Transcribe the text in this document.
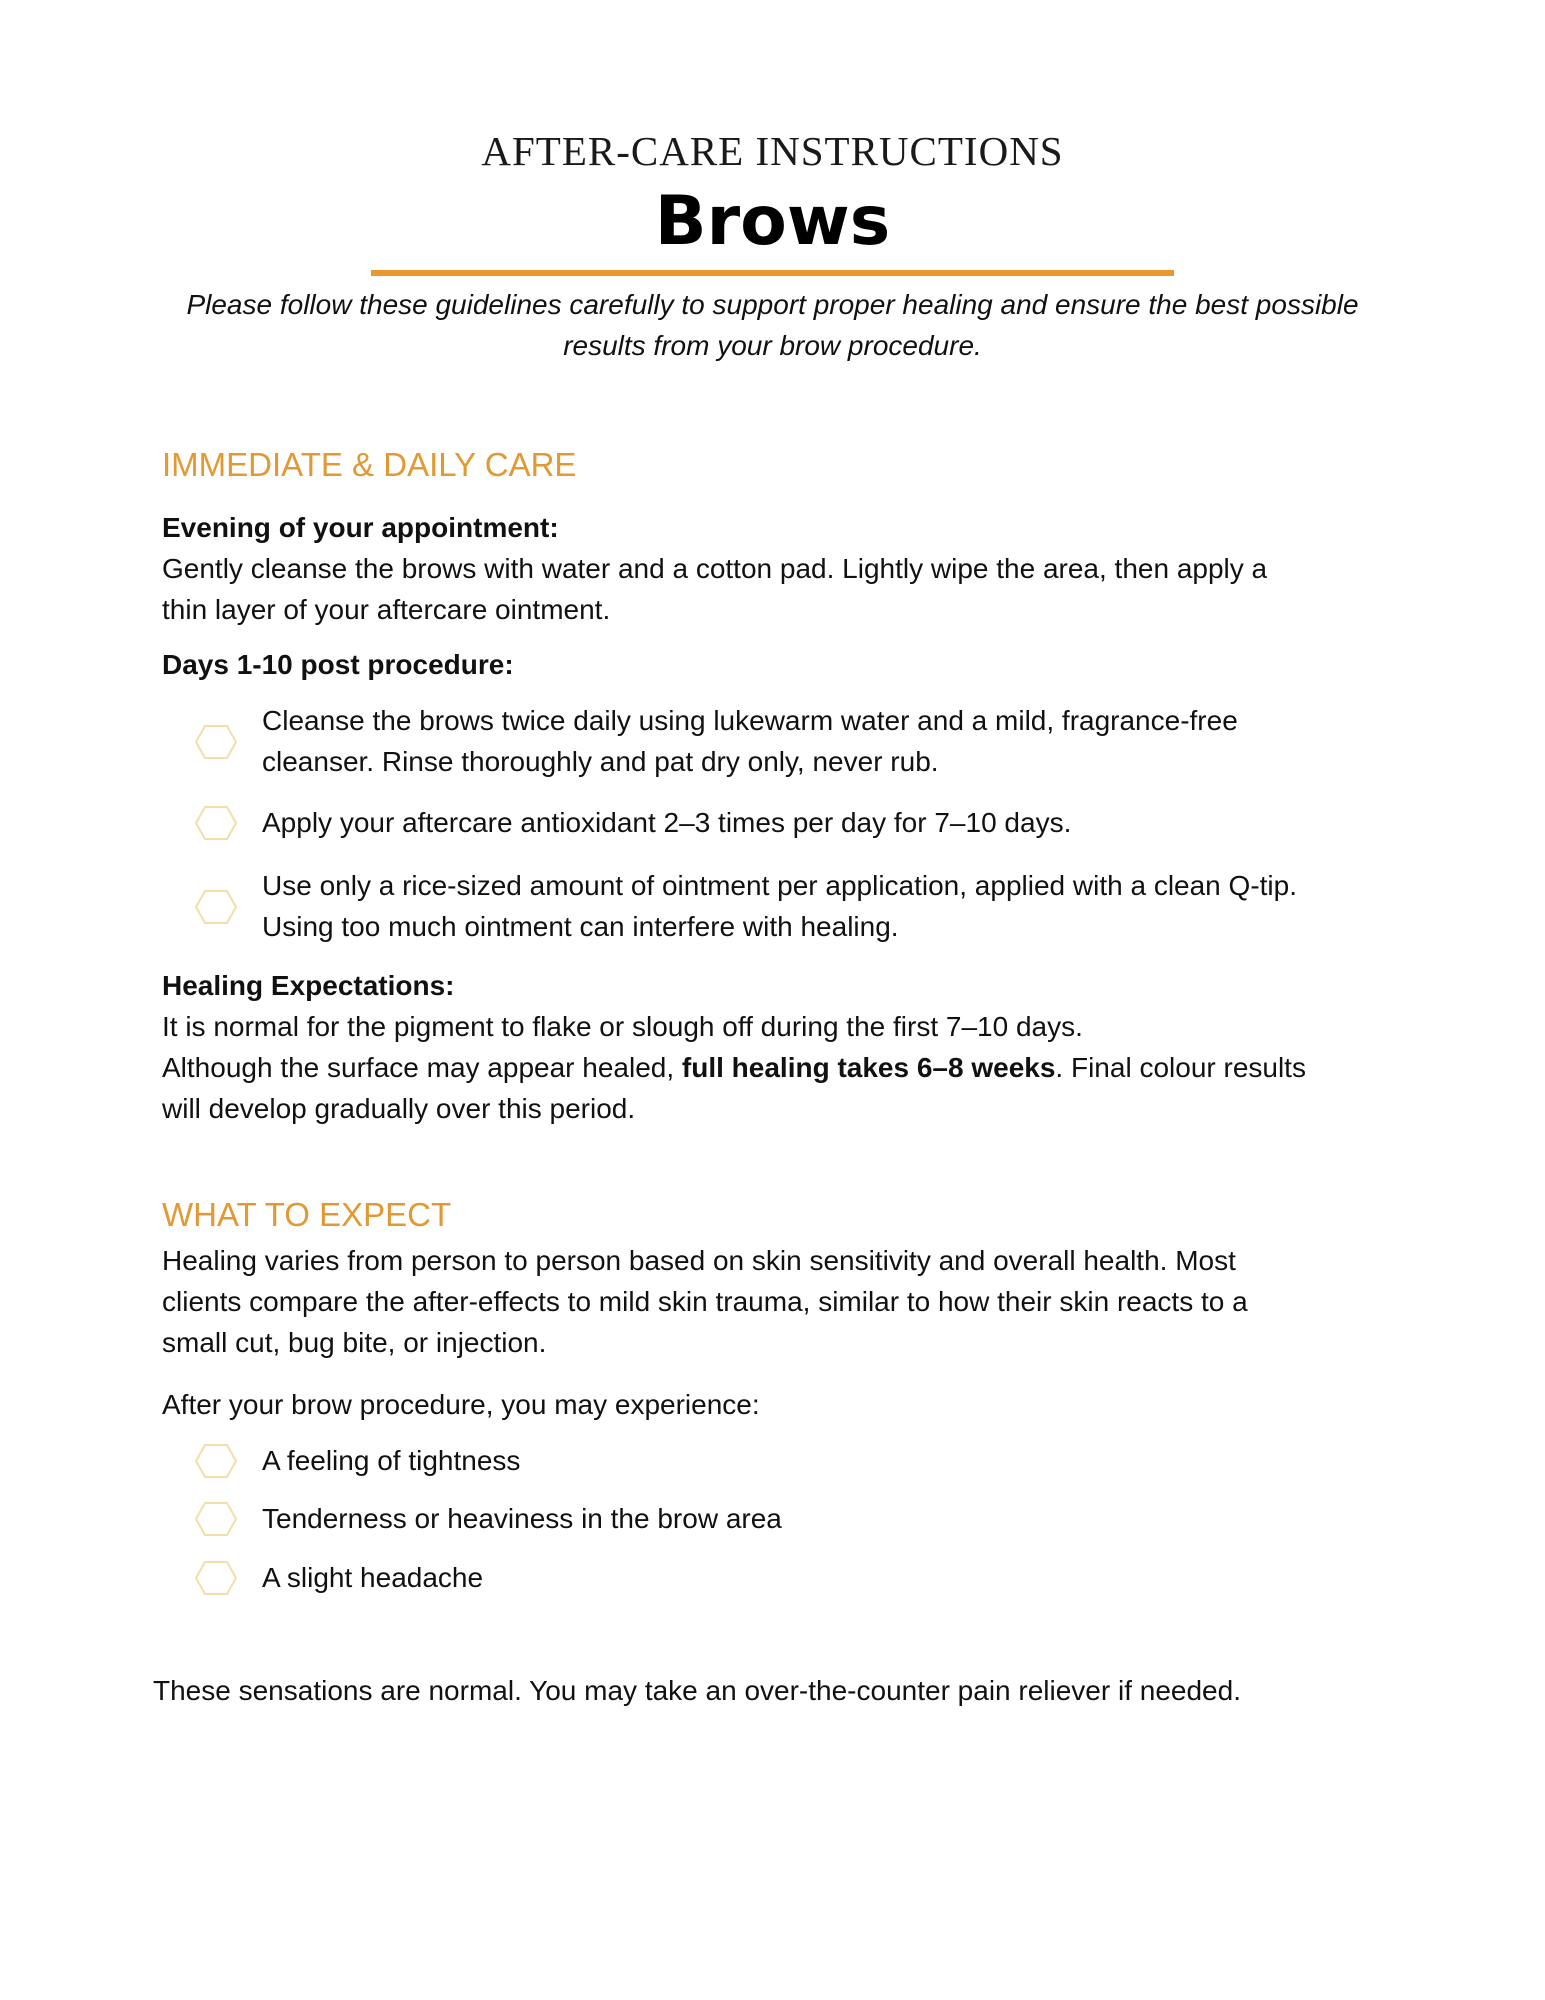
AFTER-CARE INSTRUCTIONS
Brows
Please follow these guidelines carefully to support proper healing and ensure the best possible results from your brow procedure.
IMMEDIATE & DAILY CARE
Evening of your appointment:
Gently cleanse the brows with water and a cotton pad. Lightly wipe the area, then apply a thin layer of your aftercare ointment.
Days 1-10 post procedure:
Cleanse the brows twice daily using lukewarm water and a mild, fragrance-free cleanser. Rinse thoroughly and pat dry only, never rub.
Apply your aftercare antioxidant 2–3 times per day for 7–10 days.
Use only a rice-sized amount of ointment per application, applied with a clean Q-tip. Using too much ointment can interfere with healing.
Healing Expectations:
It is normal for the pigment to flake or slough off during the first 7–10 days.
Although the surface may appear healed, full healing takes 6–8 weeks. Final colour results will develop gradually over this period.
WHAT TO EXPECT
Healing varies from person to person based on skin sensitivity and overall health. Most clients compare the after-effects to mild skin trauma, similar to how their skin reacts to a small cut, bug bite, or injection.
After your brow procedure, you may experience:
A feeling of tightness
Tenderness or heaviness in the brow area
A slight headache
These sensations are normal. You may take an over-the-counter pain reliever if needed.
